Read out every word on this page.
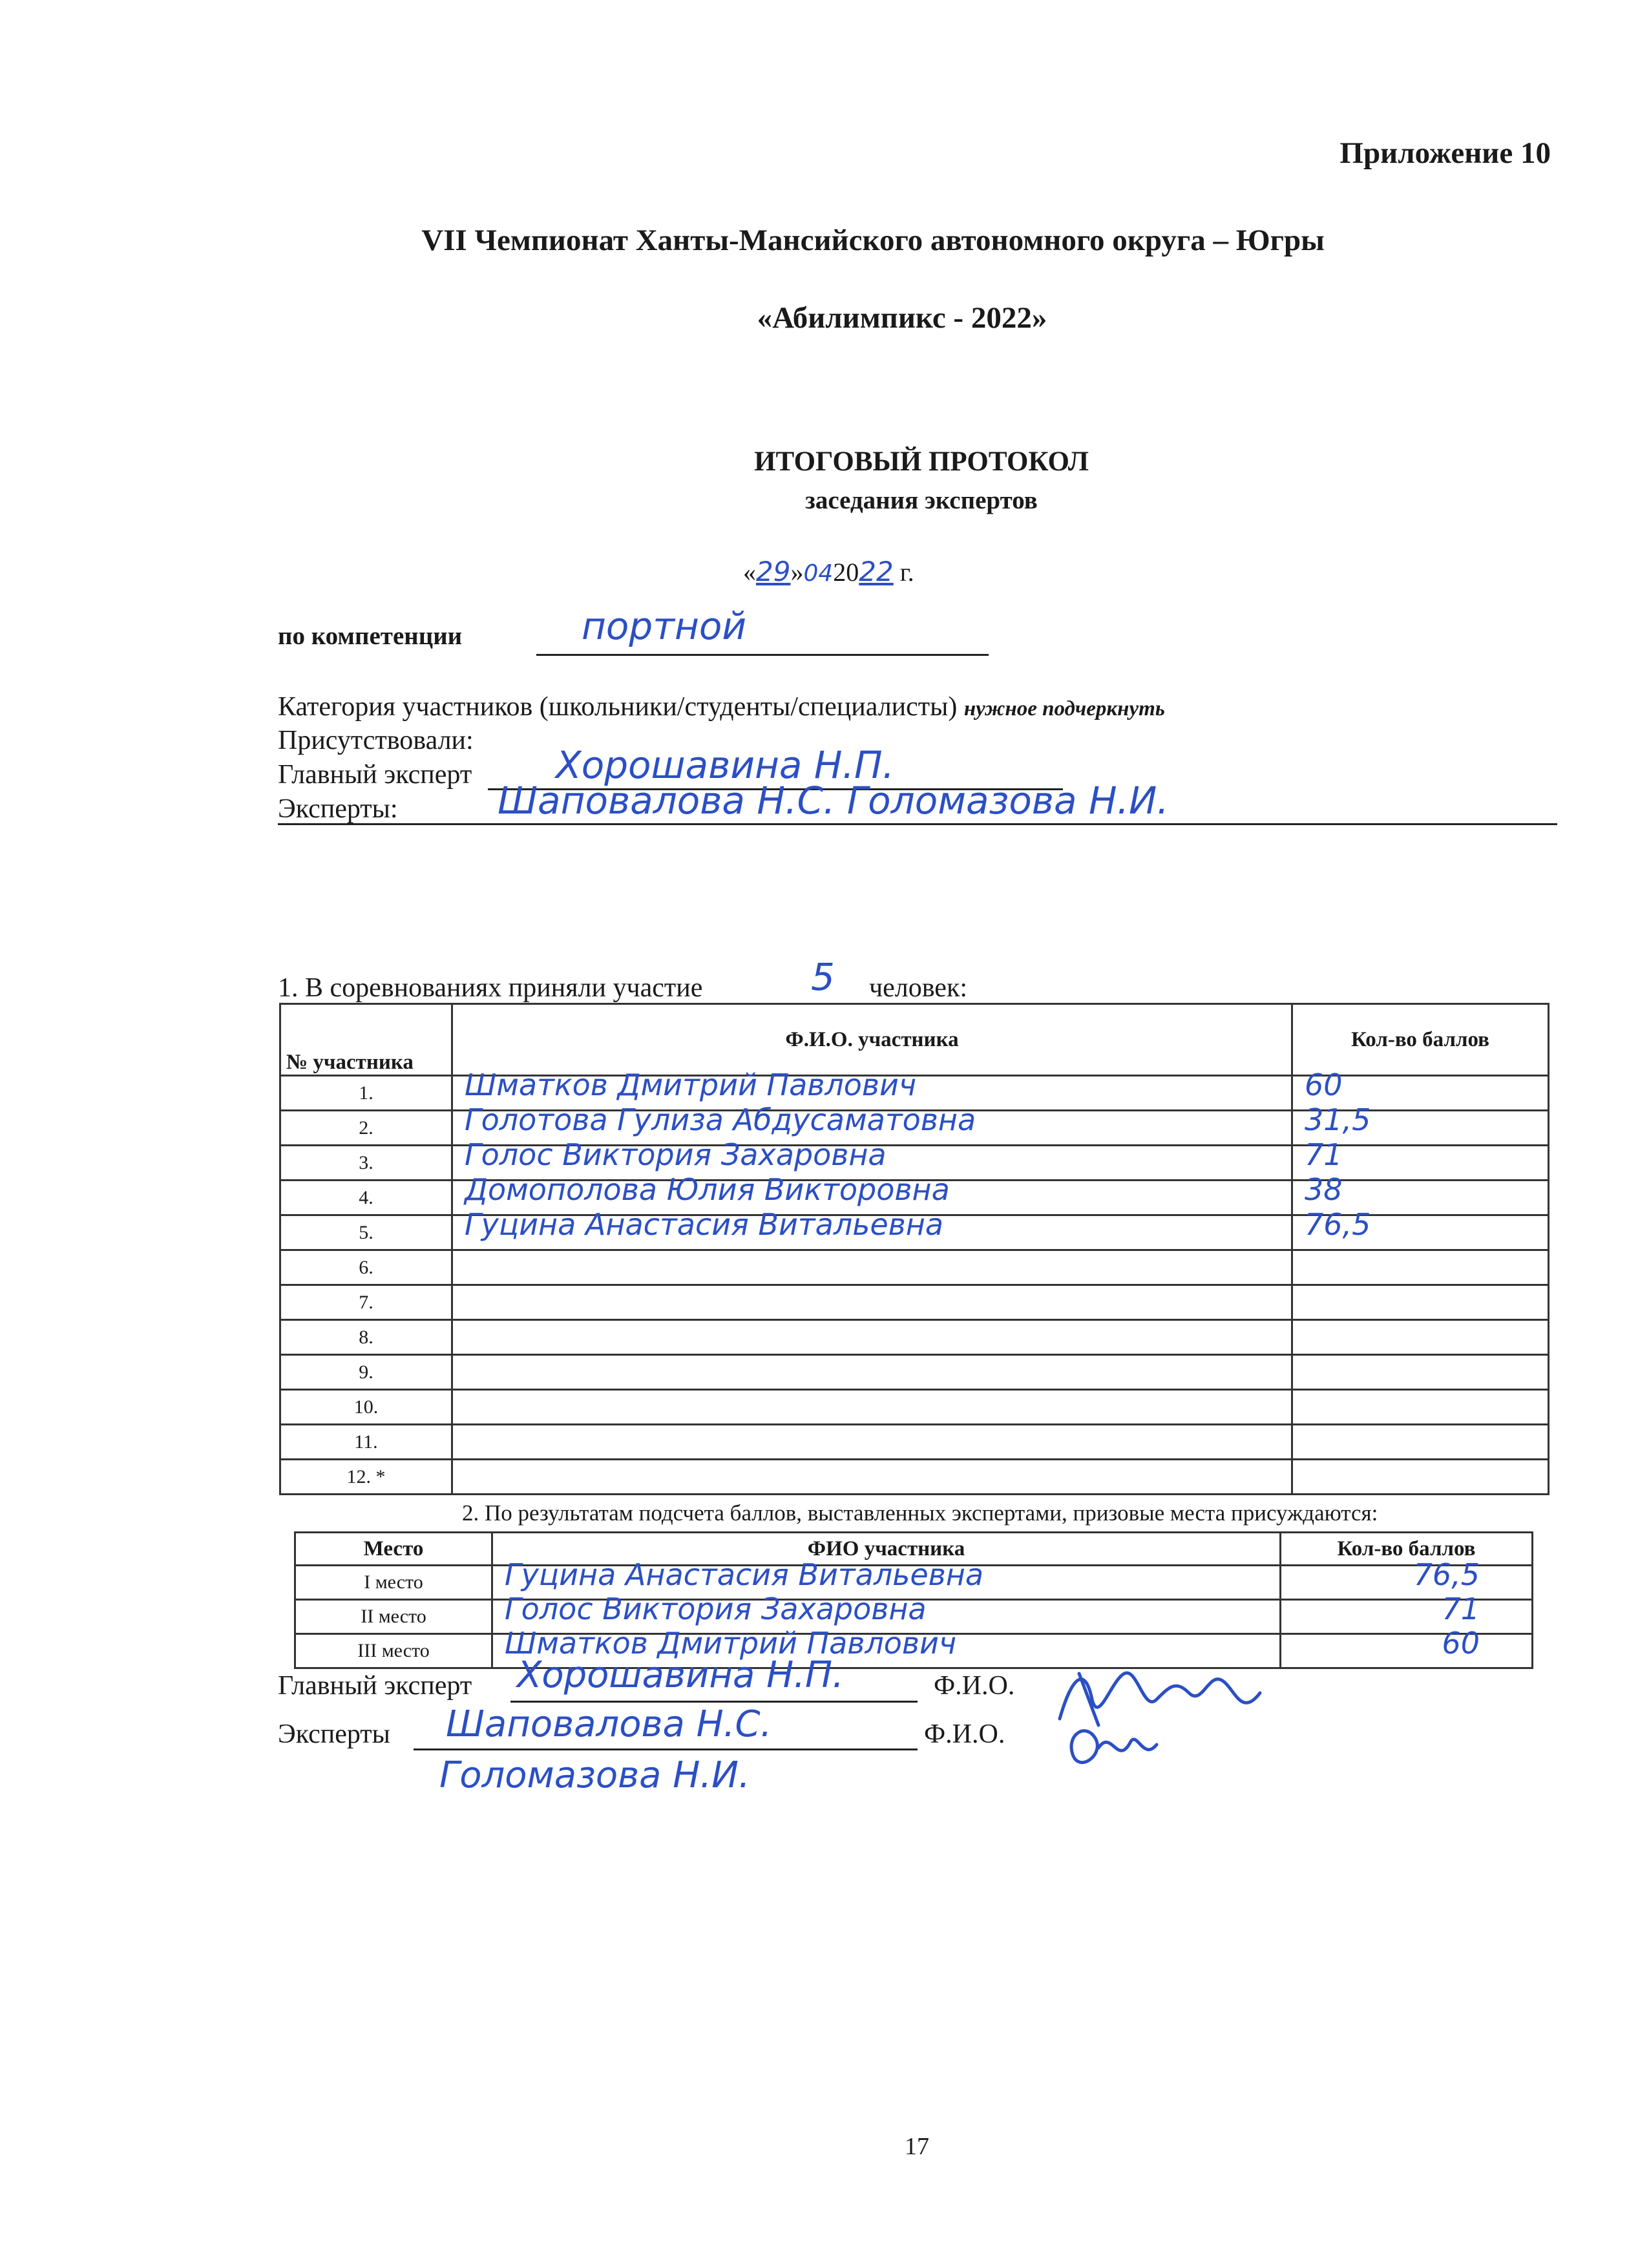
Приложение 10
VII Чемпионат Ханты-Мансийского автономного округа – Югры
«Абилимпикс - 2022»
ИТОГОВЫЙ ПРОТОКОЛ
заседания экспертов
«29»042022 г.
по компетенции	портной
Категория участников (школьники/студенты/специалисты) нужное подчеркнуть
Присутствовали:
Главный эксперт Хорошавина Н.П.
Эксперты:	Шаповалова Н.С. Голомазова Н.И.
1. В соревнованиях приняли участие	5 человек:
№ участника	Ф.И.О. участника	Кол-во баллов
1.	Шматков Дмитрий Павлович	60

2.	Голотова Гулиза Абдусаматовна	31,5

3.	Голос Виктория Захаровна	71

4.	Домополова Юлия Викторовна	38

5.	Гуцина Анастасия Витальевна	76,5

6.		
7.		
8.		
9.		
10.		
11.		
12. *		
2. По результатам подсчета баллов, выставленных экспертами, призовые места присуждаются:
Место	ФИО участника	Кол-во баллов
I место	Гуцина Анастасия Витальевна	76,5

II место	Голос Виктория Захаровна	71

III место	Шматков Дмитрий Павлович	60
Главный эксперт Хорошавина Н.П.	Ф.И.О.
Эксперты Шаповалова Н.С.	Ф.И.О.
Голомазова Н.И.
17
